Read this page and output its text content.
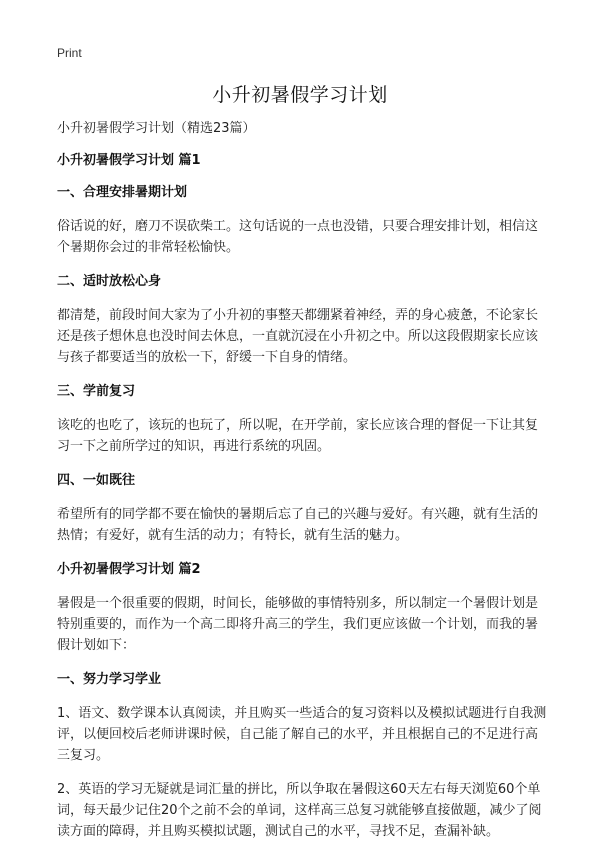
Print
小升初暑假学习计划

小升初暑假学习计划（精选23篇）

小升初暑假学习计划 篇1

一、合理安排暑期计划

俗话说的好，磨刀不误砍柴工。这句话说的一点也没错，只要合理安排计划，相信这个暑期你会过的非常轻松愉快。

二、适时放松心身

都清楚，前段时间大家为了小升初的事整天都绷紧着神经，弄的身心疲惫，不论家长还是孩子想休息也没时间去休息，一直就沉浸在小升初之中。所以这段假期家长应该与孩子都要适当的放松一下，舒缓一下自身的情绪。

三、学前复习

该吃的也吃了，该玩的也玩了，所以呢，在开学前，家长应该合理的督促一下让其复习一下之前所学过的知识，再进行系统的巩固。

四、一如既往

希望所有的同学都不要在愉快的暑期后忘了自己的兴趣与爱好。有兴趣，就有生活的热情；有爱好，就有生活的动力；有特长，就有生活的魅力。

小升初暑假学习计划 篇2

暑假是一个很重要的假期，时间长，能够做的事情特别多，所以制定一个暑假计划是特别重要的，而作为一个高二即将升高三的学生，我们更应该做一个计划，而我的暑假计划如下：

一、努力学习学业

1、语文、数学课本认真阅读，并且购买一些适合的复习资料以及模拟试题进行自我测评，以便回校后老师讲课时候，自己能了解自己的水平，并且根据自己的不足进行高三复习。

2、英语的学习无疑就是词汇量的拼比，所以争取在暑假这60天左右每天浏览60个单词，每天最少记住20个之前不会的单词，这样高三总复习就能够直接做题，减少了阅读方面的障碍，并且购买模拟试题，测试自己的水平，寻找不足，查漏补缺。
